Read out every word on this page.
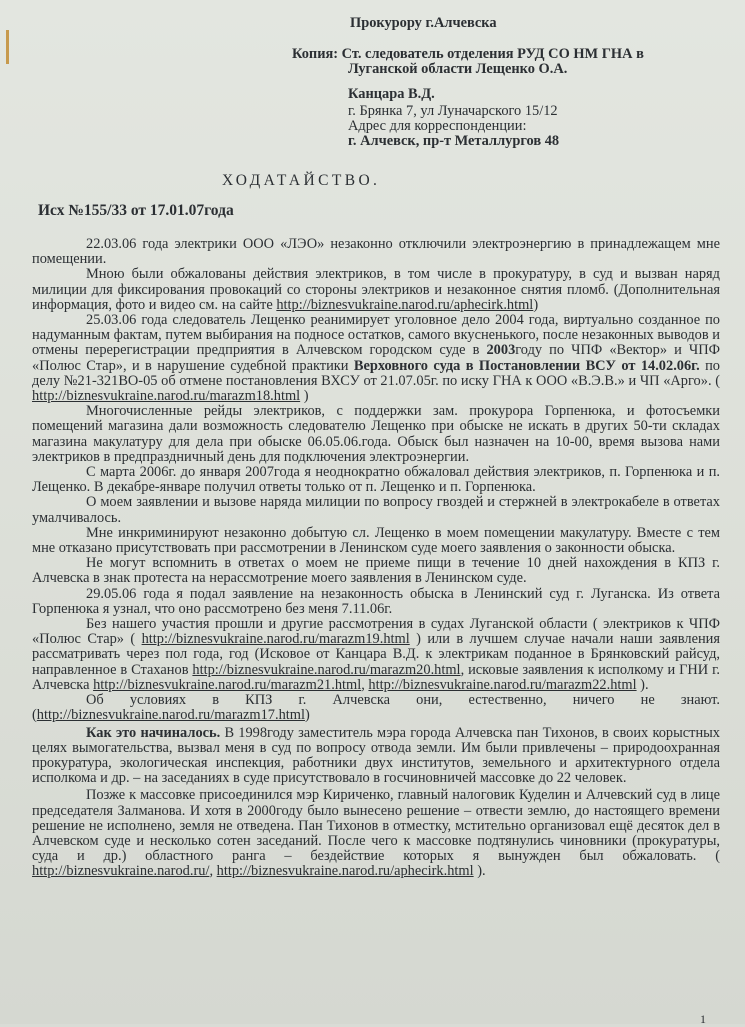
Прокурору г.Алчевска
Копия: Ст. следователь отделения РУД СО НМ ГНА в
Луганской области Лещенко О.А.
Канцара В.Д.
г. Брянка 7, ул Луначарского 15/12
Адрес для корреспонденции:
г. Алчевск, пр-т Металлургов 48
ХОДАТАЙСТВО.
Исх №155/33 от 17.01.07года

22.03.06 года электрики ООО «ЛЭО» незаконно отключили электроэнергию в принадлежащем мне помещении.

Мною были обжалованы действия электриков, в том числе в прокуратуру, в суд и вызван наряд милиции для фиксирования провокаций со стороны электриков и незаконное снятия пломб. (Дополнительная информация, фото и видео см. на сайте http://biznesvukraine.narod.ru/aphecirk.html)

25.03.06 года следователь Лещенко реанимирует уголовное дело 2004 года, виртуально созданное по надуманным фактам, путем выбирания на подносе остатков, самого вкусненького, после незаконных выводов и отмены перерегистрации предприятия в Алчевском городском суде в 2003году по ЧПФ «Вектор» и ЧПФ «Полюс Стар», и в нарушение судебной практики Верховного суда в Постановлении ВСУ от 14.02.06г. по делу №21-321ВО-05 об отмене постановления ВХСУ от 21.07.05г. по иску ГНА к ООО «В.Э.В.» и ЧП «Арго». ( http://biznesvukraine.narod.ru/marazm18.html )

Многочисленные рейды электриков, с поддержки зам. прокурора Горпенюка, и фотосъемки помещений магазина дали возможность следователю Лещенко при обыске не искать в других 50-ти складах магазина макулатуру для дела при обыске 06.05.06.года. Обыск был назначен на 10-00, время вызова нами электриков в предпраздничный день для подключения электроэнергии.

С марта 2006г. до января 2007года я неоднократно обжаловал действия электриков, п. Горпенюка и п. Лещенко. В декабре-январе получил ответы только от п. Лещенко и п. Горпенюка.

О моем заявлении и вызове наряда милиции по вопросу гвоздей и стержней в электрокабеле в ответах умалчивалось.

Мне инкриминируют незаконно добытую сл. Лещенко в моем помещении макулатуру. Вместе с тем мне отказано присутствовать при рассмотрении в Ленинском суде моего заявления о законности обыска.

Не могут вспомнить в ответах о моем не приеме пищи в течение 10 дней нахождения в КПЗ г. Алчевска в знак протеста на нерассмотрение моего заявления в Ленинском суде.

29.05.06 года я подал заявление на незаконность обыска в Ленинский суд г. Луганска. Из ответа Горпенюка я узнал, что оно рассмотрено без меня 7.11.06г.

Без нашего участия прошли и другие рассмотрения в судах Луганской области ( электриков к ЧПФ «Полюс Стар» ( http://biznesvukraine.narod.ru/marazm19.html ) или в лучшем случае начали наши заявления рассматривать через пол года, год (Исковое от Канцара В.Д. к электрикам поданное в Брянковский райсуд, направленное в Стаханов http://biznesvukraine.narod.ru/marazm20.html, исковые заявления к исполкому и ГНИ г. Алчевска http://biznesvukraine.narod.ru/marazm21.html, http://biznesvukraine.narod.ru/marazm22.html ).

Об условиях в КПЗ г. Алчевска они, естественно, ничего не знают. (http://biznesvukraine.narod.ru/marazm17.html)

Как это начиналось. В 1998году заместитель мэра города Алчевска пан Тихонов, в своих корыстных целях вымогательства, вызвал меня в суд по вопросу отвода земли. Им были привлечены – природоохранная прокуратура, экологическая инспекция, работники двух институтов, земельного и архитектурного отдела исполкома и др. – на заседаниях в суде присутствовало в госчиновничей массовке до 22 человек.

Позже к массовке присоединился мэр Кириченко, главный налоговик Куделин и Алчевский суд в лице председателя Залманова. И хотя в 2000году было вынесено решение – отвести землю, до настоящего времени решение не исполнено, земля не отведена. Пан Тихонов в отместку, мстительно организовал ещё десяток дел в Алчевском суде и несколько сотен заседаний. После чего к массовке подтянулись чиновники (прокуратуры, суда и др.) областного ранга – бездействие которых я вынужден был обжаловать. ( http://biznesvukraine.narod.ru/, http://biznesvukraine.narod.ru/aphecirk.html ).

1
